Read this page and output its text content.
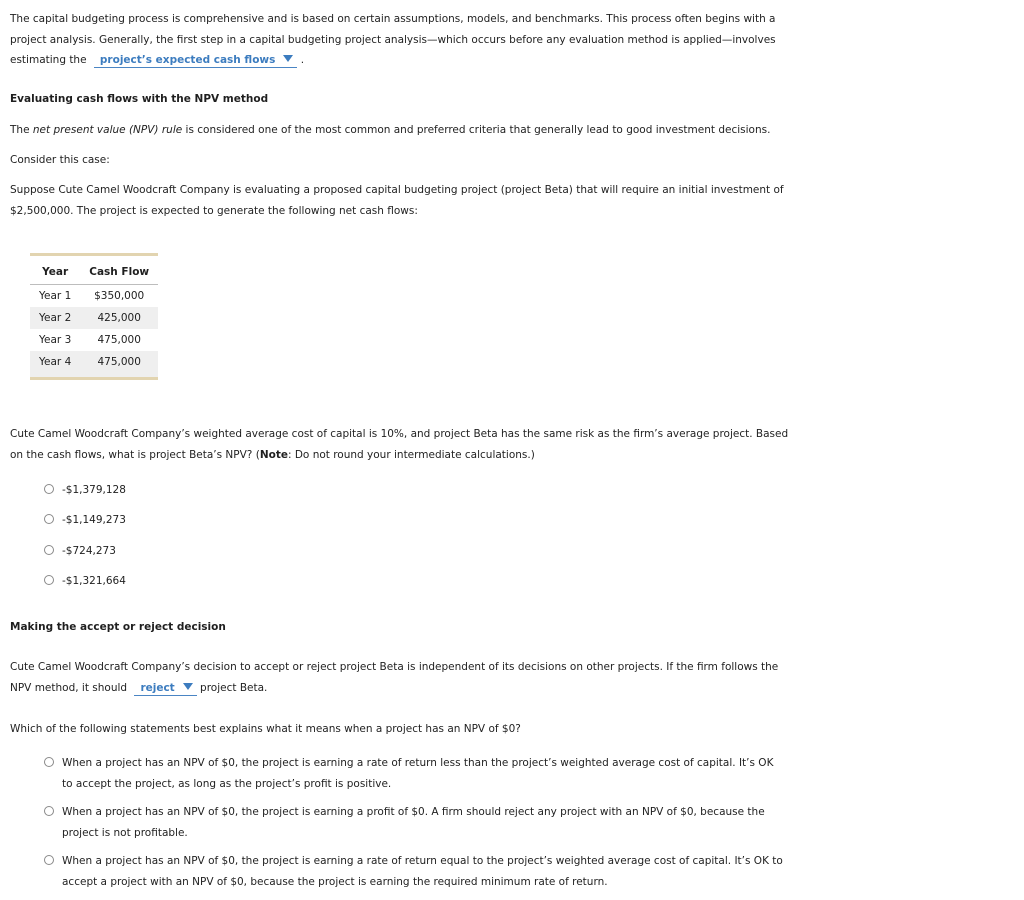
The capital budgeting process is comprehensive and is based on certain assumptions, models, and benchmarks. This process often begins with a project analysis. Generally, the first step in a capital budgeting project analysis—which occurs before any evaluation method is applied—involves estimating the project’s expected cash flows .

Evaluating cash flows with the NPV method

The net present value (NPV) rule is considered one of the most common and preferred criteria that generally lead to good investment decisions.

Consider this case:

Suppose Cute Camel Woodcraft Company is evaluating a proposed capital budgeting project (project Beta) that will require an initial investment of $2,500,000. The project is expected to generate the following net cash flows:

Year	Cash Flow
Year 1	$350,000
Year 2	425,000
Year 3	475,000
Year 4	475,000

Cute Camel Woodcraft Company’s weighted average cost of capital is 10%, and project Beta has the same risk as the firm’s average project. Based on the cash flows, what is project Beta’s NPV? (Note: Do not round your intermediate calculations.)

-$1,379,128
-$1,149,273
-$724,273
-$1,321,664

Making the accept or reject decision

Cute Camel Woodcraft Company’s decision to accept or reject project Beta is independent of its decisions on other projects. If the firm follows the NPV method, it should reject project Beta.

Which of the following statements best explains what it means when a project has an NPV of $0?

When a project has an NPV of $0, the project is earning a rate of return less than the project’s weighted average cost of capital. It’s OK to accept the project, as long as the project’s profit is positive.
When a project has an NPV of $0, the project is earning a profit of $0. A firm should reject any project with an NPV of $0, because the project is not profitable.
When a project has an NPV of $0, the project is earning a rate of return equal to the project’s weighted average cost of capital. It’s OK to accept a project with an NPV of $0, because the project is earning the required minimum rate of return.
